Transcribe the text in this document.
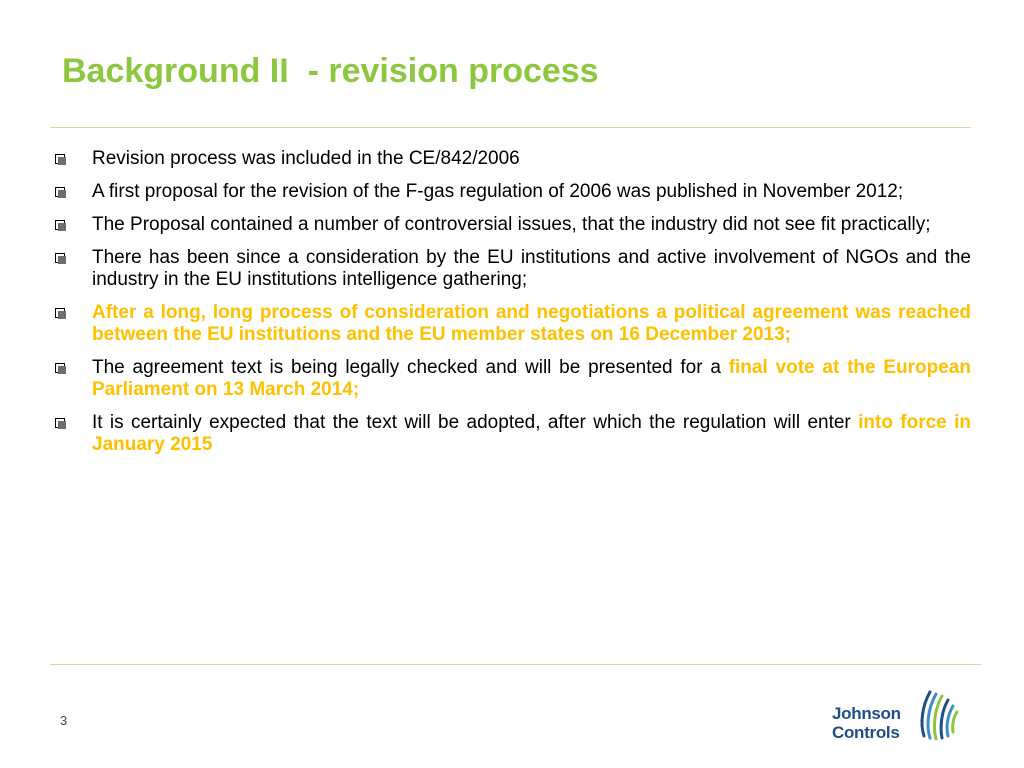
Background II  - revision process
Revision process was included in the CE/842/2006
A first proposal for the revision of the F-gas regulation of 2006 was published in November 2012;
The Proposal contained a number of controversial issues, that the industry did not see fit practically;
There has been since a consideration by the EU institutions and active involvement of NGOs and the industry in the EU institutions intelligence gathering;
After a long, long process of consideration and negotiations a political agreement was reached between the EU institutions and the EU member states on 16 December 2013;
The agreement text is being legally checked and will be presented for a final vote at the European Parliament on 13 March 2014;
It is certainly expected that the text will be adopted, after which the regulation will enter into force in January 2015
3	Johnson
Controls
